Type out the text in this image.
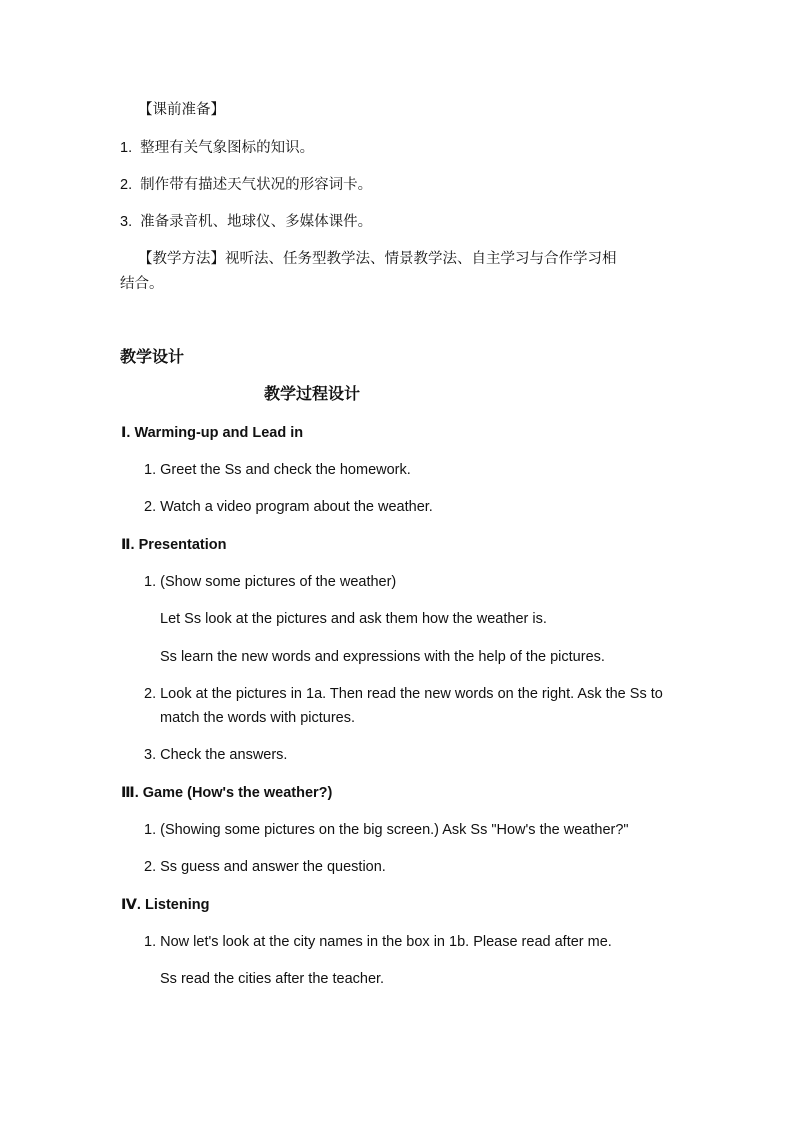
【课前准备】
1. 整理有关气象图标的知识。
2. 制作带有描述天气状况的形容词卡。
3. 准备录音机、地球仪、多媒体课件。
【教学方法】视听法、任务型教学法、情景教学法、自主学习与合作学习相
结合。
教学设计
教学过程设计
Ⅰ. Warming-up and Lead in
1. Greet the Ss and check the homework.
2. Watch a video program about the weather.
Ⅱ. Presentation
1. (Show some pictures of the weather)
Let Ss look at the pictures and ask them how the weather is.
Ss learn the new words and expressions with the help of the pictures.
2. Look at the pictures in 1a. Then read the new words on the right. Ask the Ss to
match the words with pictures.
3. Check the answers.
Ⅲ. Game (How's the weather?)
1. (Showing some pictures on the big screen.) Ask Ss "How's the weather?"
2. Ss guess and answer the question.
Ⅳ. Listening
1. Now let's look at the city names in the box in 1b. Please read after me.
Ss read the cities after the teacher.
